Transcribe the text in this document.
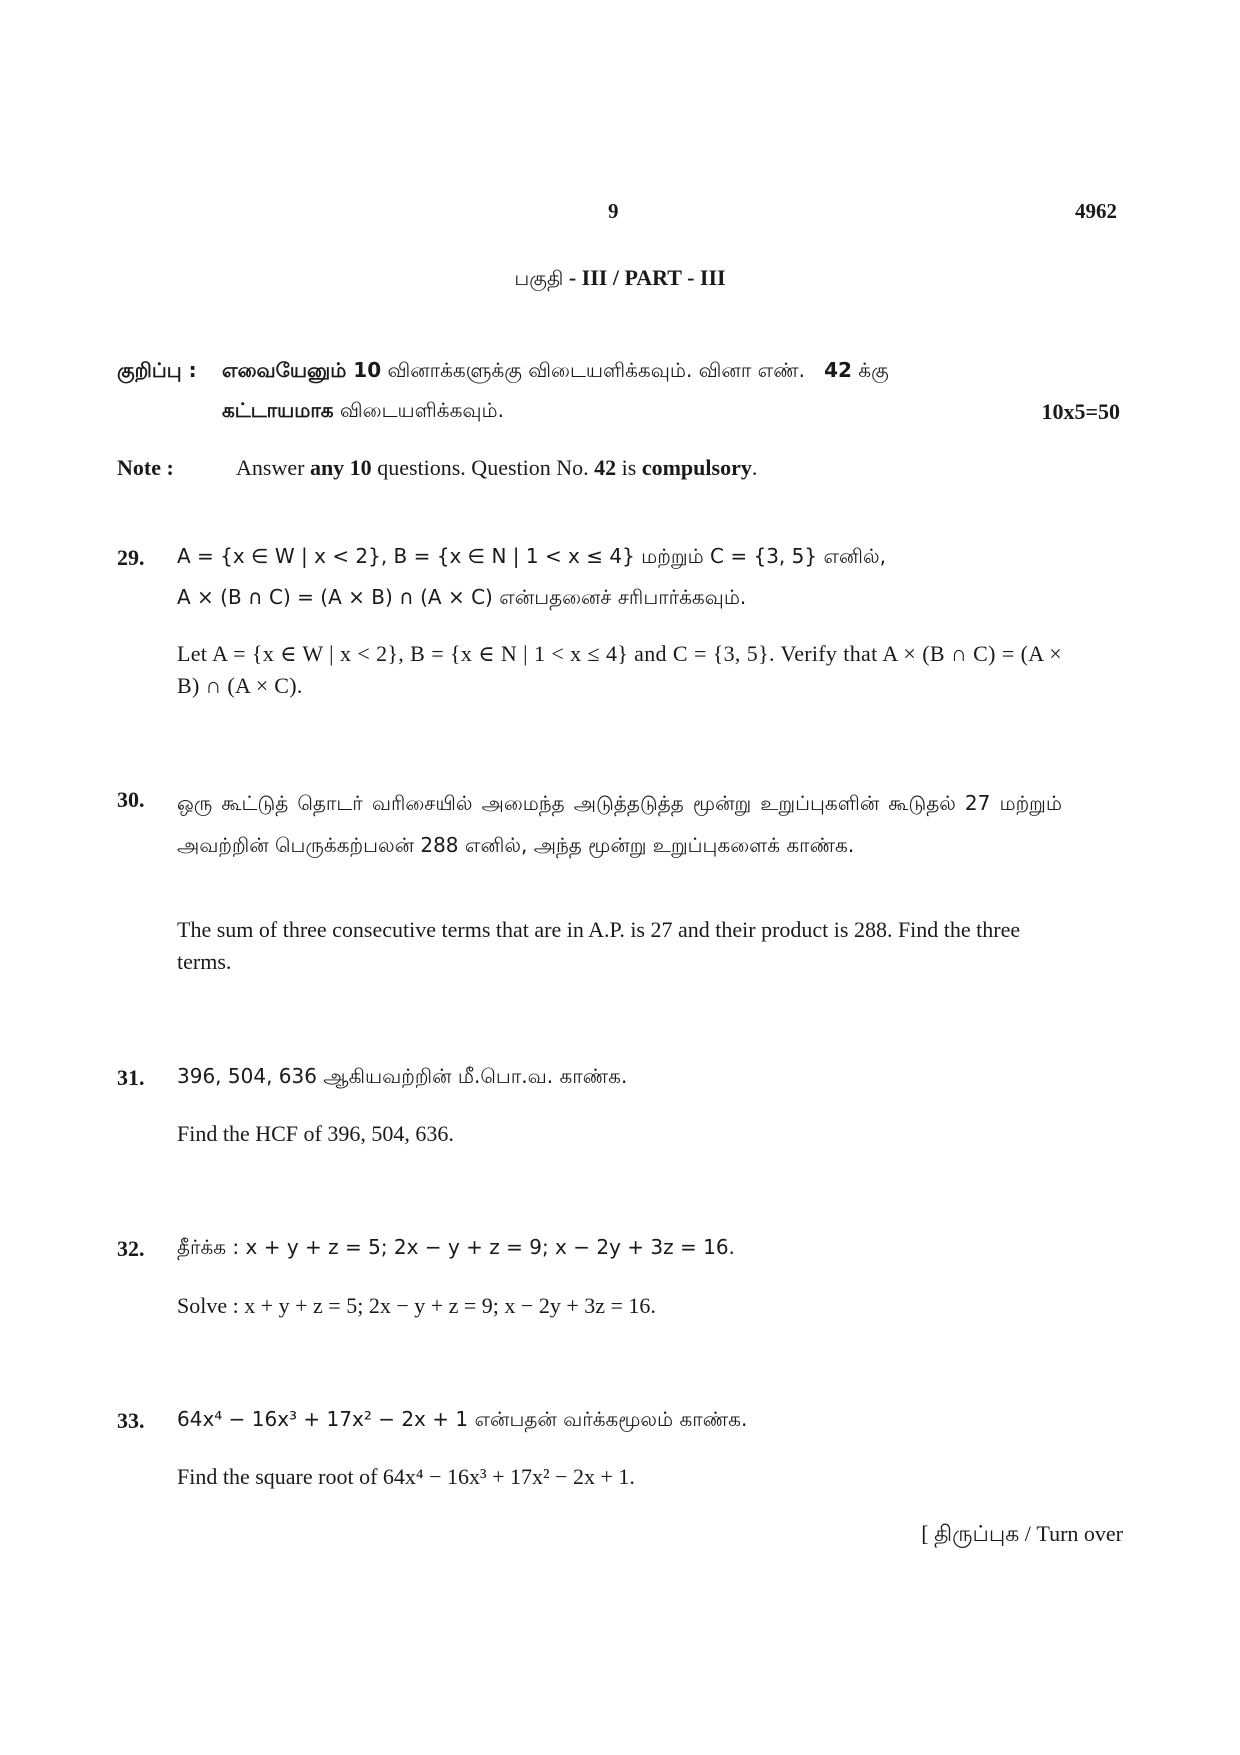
9	4962
பகுதி - III / PART - III
குறிப்பு : எவையேனும் 10 வினாக்களுக்கு விடையளிக்கவும். வினா எண். 42 க்கு
கட்டாயமாக விடையளிக்கவும்.	10x5=50
Note :	Answer any 10 questions. Question No. 42 is compulsory.
29. A = {x ∈ W | x < 2}, B = {x ∈ N | 1 < x ≤ 4} மற்றும் C = {3, 5} எனில்,
A × (B ∩ C) = (A × B) ∩ (A × C) என்பதனைச் சரிபார்க்கவும்.
Let A = {x ∈ W | x < 2}, B = {x ∈ N | 1 < x ≤ 4} and C = {3, 5}. Verify that A × (B ∩ C) = (A × B) ∩ (A × C).
30. ஒரு கூட்டுத் தொடர் வரிசையில் அமைந்த அடுத்தடுத்த மூன்று உறுப்புகளின் கூடுதல் 27 மற்றும் அவற்றின் பெருக்கற்பலன் 288 எனில், அந்த மூன்று உறுப்புகளைக் காண்க.
The sum of three consecutive terms that are in A.P. is 27 and their product is 288. Find the three terms.
31. 396, 504, 636 ஆகியவற்றின் மீ.பொ.வ. காண்க.
Find the HCF of 396, 504, 636.
32. தீர்க்க : x + y + z = 5; 2x − y + z = 9; x − 2y + 3z = 16.
Solve : x + y + z = 5; 2x − y + z = 9; x − 2y + 3z = 16.
33. 64x⁴ − 16x³ + 17x² − 2x + 1 என்பதன் வர்க்கமூலம் காண்க.
Find the square root of 64x⁴ − 16x³ + 17x² − 2x + 1.
[ திருப்புக / Turn over
